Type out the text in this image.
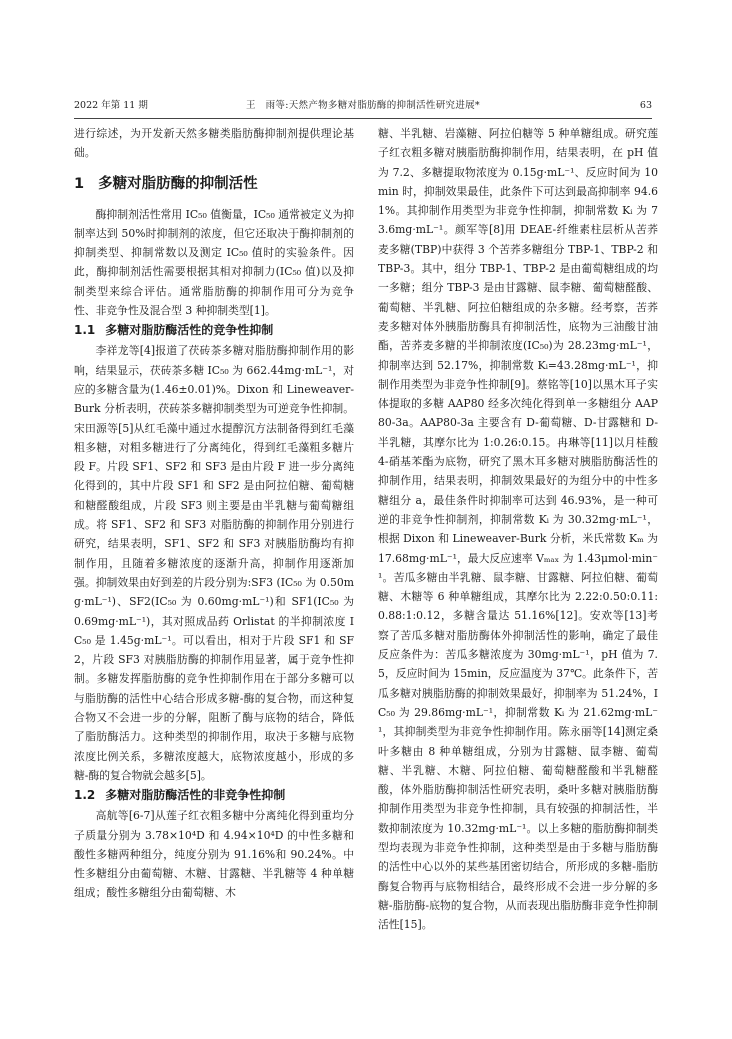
2022 年第 11 期	王　雨等:天然产物多糖对脂肪酶的抑制活性研究进展*	63

进行综述，为开发新天然多糖类脂肪酶抑制剂提供理论基础。

1 多糖对脂肪酶的抑制活性

酶抑制剂活性常用 IC₅₀ 值衡量，IC₅₀ 通常被定义为抑制率达到 50%时抑制剂的浓度，但它还取决于酶抑制剂的抑制类型、抑制常数以及测定 IC₅₀ 值时的实验条件。因此，酶抑制剂活性需要根据其相对抑制力(IC₅₀ 值)以及抑制类型来综合评估。通常脂肪酶的抑制作用可分为竞争性、非竞争性及混合型 3 种抑制类型[1]。

1.1 多糖对脂肪酶活性的竞争性抑制

李祥龙等[4]报道了茯砖茶多糖对脂肪酶抑制作用的影响，结果显示，茯砖茶多糖 IC₅₀ 为 662.44mg·mL⁻¹，对应的多糖含量为(1.46±0.01)%。Dixon 和 Lineweaver-Burk 分析表明，茯砖茶多糖抑制类型为可逆竞争性抑制。宋田源等[5]从红毛藻中通过水提醇沉方法制备得到红毛藻粗多糖，对粗多糖进行了分离纯化，得到红毛藻粗多糖片段 F。片段 SF1、SF2 和 SF3 是由片段 F 进一步分离纯化得到的，其中片段 SF1 和 SF2 是由阿拉伯糖、葡萄糖和糖醛酸组成，片段 SF3 则主要是由半乳糖与葡萄糖组成。将 SF1、SF2 和 SF3 对脂肪酶的抑制作用分别进行研究，结果表明，SF1、SF2 和 SF3 对胰脂肪酶均有抑制作用，且随着多糖浓度的逐渐升高，抑制作用逐渐加强。抑制效果由好到差的片段分别为:SF3 (IC₅₀ 为 0.50mg·mL⁻¹)、SF2(IC₅₀ 为 0.60mg·mL⁻¹)和 SF1(IC₅₀ 为 0.69mg·mL⁻¹)，其对照成品药 Orlistat 的半抑制浓度 IC₅₀ 是 1.45g·mL⁻¹。可以看出，相对于片段 SF1 和 SF2，片段 SF3 对胰脂肪酶的抑制作用显著，属于竞争性抑制。多糖发挥脂肪酶的竞争性抑制作用在于部分多糖可以与脂肪酶的活性中心结合形成多糖-酶的复合物，而这种复合物又不会进一步的分解，阻断了酶与底物的结合，降低了脂肪酶活力。这种类型的抑制作用，取决于多糖与底物浓度比例关系，多糖浓度越大，底物浓度越小，形成的多糖-酶的复合物就会越多[5]。

1.2 多糖对脂肪酶活性的非竞争性抑制

高航等[6-7]从莲子红衣粗多糖中分离纯化得到重均分子质量分别为 3.78×10⁴D 和 4.94×10⁴D 的中性多糖和酸性多糖两种组分，纯度分别为 91.16%和 90.24%。中性多糖组分由葡萄糖、木糖、甘露糖、半乳糖等 4 种单糖组成；酸性多糖组分由葡萄糖、木

糖、半乳糖、岩藻糖、阿拉伯糖等 5 种单糖组成。研究莲子红衣粗多糖对胰脂肪酶抑制作用，结果表明，在 pH 值为 7.2、多糖提取物浓度为 0.15g·mL⁻¹、反应时间为 10min 时，抑制效果最佳，此条件下可达到最高抑制率 94.61%。其抑制作用类型为非竞争性抑制，抑制常数 Kᵢ 为 73.6mg·mL⁻¹。颜军等[8]用 DEAE-纤维素柱层析从苦荞麦多糖(TBP)中获得 3 个苦荞多糖组分 TBP-1、TBP-2 和 TBP-3。其中，组分 TBP-1、TBP-2 是由葡萄糖组成的均一多糖；组分 TBP-3 是由甘露糖、鼠李糖、葡萄糖醛酸、葡萄糖、半乳糖、阿拉伯糖组成的杂多糖。经考察，苦荞麦多糖对体外胰脂肪酶具有抑制活性，底物为三油酸甘油酯，苦荞麦多糖的半抑制浓度(IC₅₀)为 28.23mg·mL⁻¹，抑制率达到 52.17%，抑制常数 Kᵢ=43.28mg·mL⁻¹，抑制作用类型为非竞争性抑制[9]。蔡铭等[10]以黑木耳子实体提取的多糖 AAP80 经多次纯化得到单一多糖组分 AAP80-3a。AAP80-3a 主要含有 D-葡萄糖、D-甘露糖和 D-半乳糖，其摩尔比为 1:0.26:0.15。冉琳等[11]以月桂酸 4-硝基苯酯为底物，研究了黑木耳多糖对胰脂肪酶活性的抑制作用，结果表明，抑制效果最好的为组分中的中性多糖组分 a，最佳条件时抑制率可达到 46.93%，是一种可逆的非竞争性抑制剂，抑制常数 Kᵢ 为 30.32mg·mL⁻¹，根据 Dixon 和 Lineweaver-Burk 分析，米氏常数 Kₘ 为 17.68mg·mL⁻¹，最大反应速率 Vₘₐₓ 为 1.43μmol·min⁻¹。苦瓜多糖由半乳糖、鼠李糖、甘露糖、阿拉伯糖、葡萄糖、木糖等 6 种单糖组成，其摩尔比为 2.22:0.50:0.11:0.88:1:0.12，多糖含量达 51.16%[12]。安欢等[13]考察了苦瓜多糖对脂肪酶体外抑制活性的影响，确定了最佳反应条件为：苦瓜多糖浓度为 30mg·mL⁻¹，pH 值为 7.5，反应时间为 15min，反应温度为 37℃。此条件下，苦瓜多糖对胰脂肪酶的抑制效果最好，抑制率为 51.24%，IC₅₀ 为 29.86mg·mL⁻¹，抑制常数 Kᵢ 为 21.62mg·mL⁻¹，其抑制类型为非竞争性抑制作用。陈永丽等[14]测定桑叶多糖由 8 种单糖组成，分别为甘露糖、鼠李糖、葡萄糖、半乳糖、木糖、阿拉伯糖、葡萄糖醛酸和半乳糖醛酸，体外脂肪酶抑制活性研究表明，桑叶多糖对胰脂肪酶抑制作用类型为非竞争性抑制，具有较强的抑制活性，半数抑制浓度为 10.32mg·mL⁻¹。以上多糖的脂肪酶抑制类型均表现为非竞争性抑制，这种类型是由于多糖与脂肪酶的活性中心以外的某些基团密切结合，所形成的多糖-脂肪酶复合物再与底物相结合，最终形成不会进一步分解的多糖-脂肪酶-底物的复合物，从而表现出脂肪酶非竞争性抑制活性[15]。
